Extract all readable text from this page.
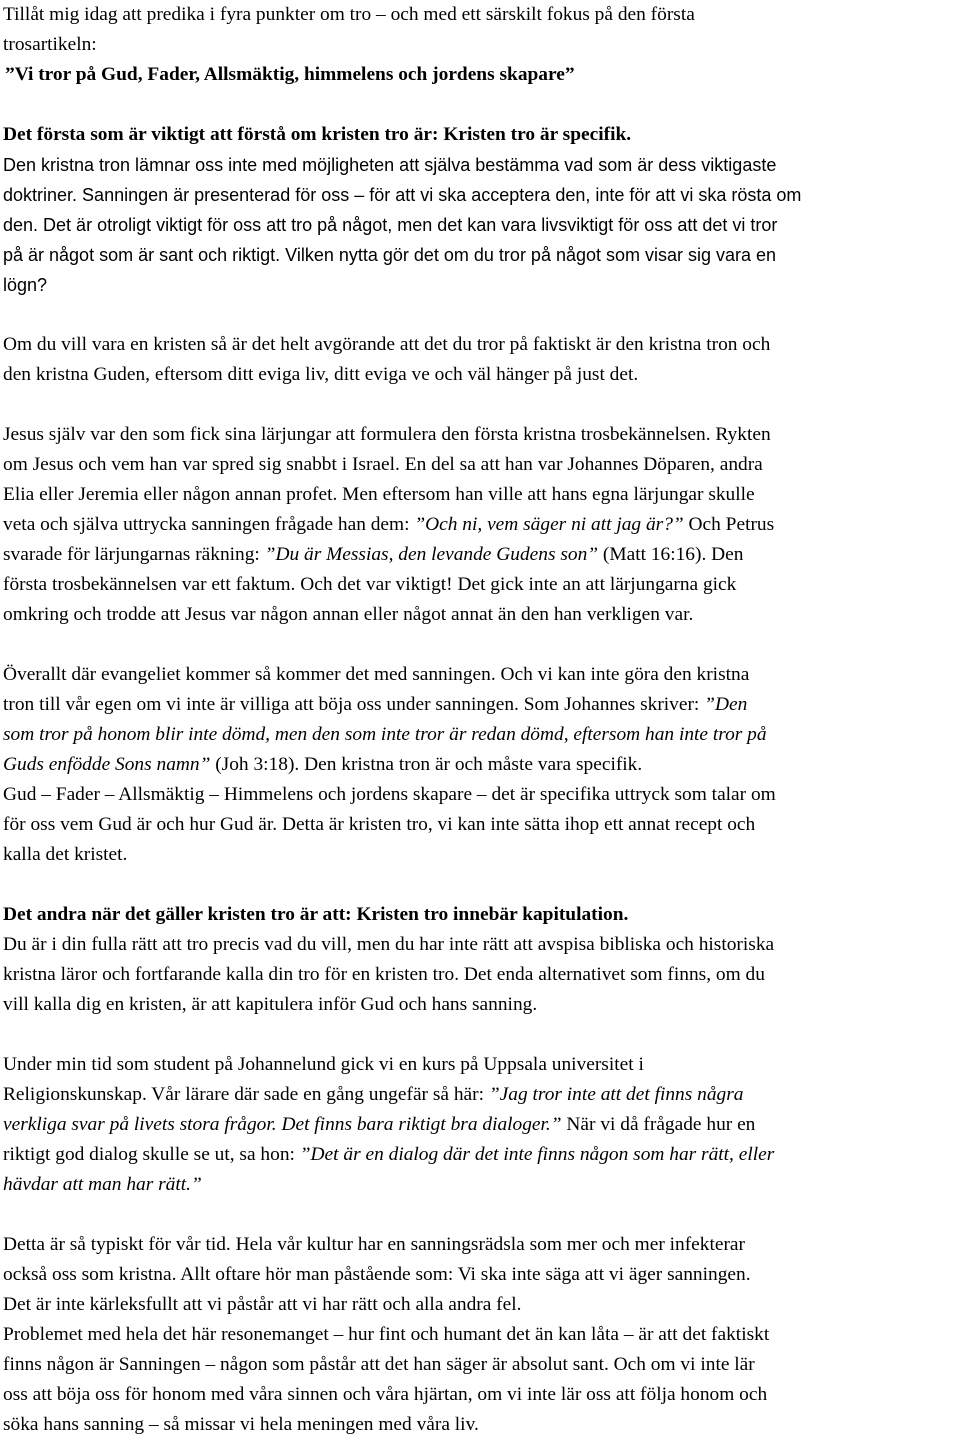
Tillåt mig idag att predika i fyra punkter om tro – och med ett särskilt fokus på den första
trosartikeln:
”Vi tror på Gud, Fader, Allsmäktig, himmelens och jordens skapare”
Det första som är viktigt att förstå om kristen tro är: Kristen tro är specifik.
Den kristna tron lämnar oss inte med möjligheten att själva bestämma vad som är dess viktigaste
doktriner. Sanningen är presenterad för oss – för att vi ska acceptera den, inte för att vi ska rösta om
den. Det är otroligt viktigt för oss att tro på något, men det kan vara livsviktigt för oss att det vi tror
på är något som är sant och riktigt. Vilken nytta gör det om du tror på något som visar sig vara en
lögn?
Om du vill vara en kristen så är det helt avgörande att det du tror på faktiskt är den kristna tron och
den kristna Guden, eftersom ditt eviga liv, ditt eviga ve och väl hänger på just det.
Jesus själv var den som fick sina lärjungar att formulera den första kristna trosbekännelsen. Rykten
om Jesus och vem han var spred sig snabbt i Israel. En del sa att han var Johannes Döparen, andra
Elia eller Jeremia eller någon annan profet. Men eftersom han ville att hans egna lärjungar skulle
veta och själva uttrycka sanningen frågade han dem: ”Och ni, vem säger ni att jag är?” Och Petrus
svarade för lärjungarnas räkning: ”Du är Messias, den levande Gudens son” (Matt 16:16). Den
första trosbekännelsen var ett faktum. Och det var viktigt! Det gick inte an att lärjungarna gick
omkring och trodde att Jesus var någon annan eller något annat än den han verkligen var.
Överallt där evangeliet kommer så kommer det med sanningen. Och vi kan inte göra den kristna
tron till vår egen om vi inte är villiga att böja oss under sanningen. Som Johannes skriver: ”Den
som tror på honom blir inte dömd, men den som inte tror är redan dömd, eftersom han inte tror på
Guds enfödde Sons namn” (Joh 3:18). Den kristna tron är och måste vara specifik.
Gud – Fader – Allsmäktig – Himmelens och jordens skapare – det är specifika uttryck som talar om
för oss vem Gud är och hur Gud är. Detta är kristen tro, vi kan inte sätta ihop ett annat recept och
kalla det kristet.
Det andra när det gäller kristen tro är att: Kristen tro innebär kapitulation.
Du är i din fulla rätt att tro precis vad du vill, men du har inte rätt att avspisa bibliska och historiska
kristna läror och fortfarande kalla din tro för en kristen tro. Det enda alternativet som finns, om du
vill kalla dig en kristen, är att kapitulera inför Gud och hans sanning.
Under min tid som student på Johannelund gick vi en kurs på Uppsala universitet i
Religionskunskap. Vår lärare där sade en gång ungefär så här: ”Jag tror inte att det finns några
verkliga svar på livets stora frågor. Det finns bara riktigt bra dialoger.” När vi då frågade hur en
riktigt god dialog skulle se ut, sa hon: ”Det är en dialog där det inte finns någon som har rätt, eller
hävdar att man har rätt.”
Detta är så typiskt för vår tid. Hela vår kultur har en sanningsrädsla som mer och mer infekterar
också oss som kristna. Allt oftare hör man påstående som: Vi ska inte säga att vi äger sanningen.
Det är inte kärleksfullt att vi påstår att vi har rätt och alla andra fel.
Problemet med hela det här resonemanget – hur fint och humant det än kan låta – är att det faktiskt
finns någon är Sanningen – någon som påstår att det han säger är absolut sant. Och om vi inte lär
oss att böja oss för honom med våra sinnen och våra hjärtan, om vi inte lär oss att följa honom och
söka hans sanning – så missar vi hela meningen med våra liv.
